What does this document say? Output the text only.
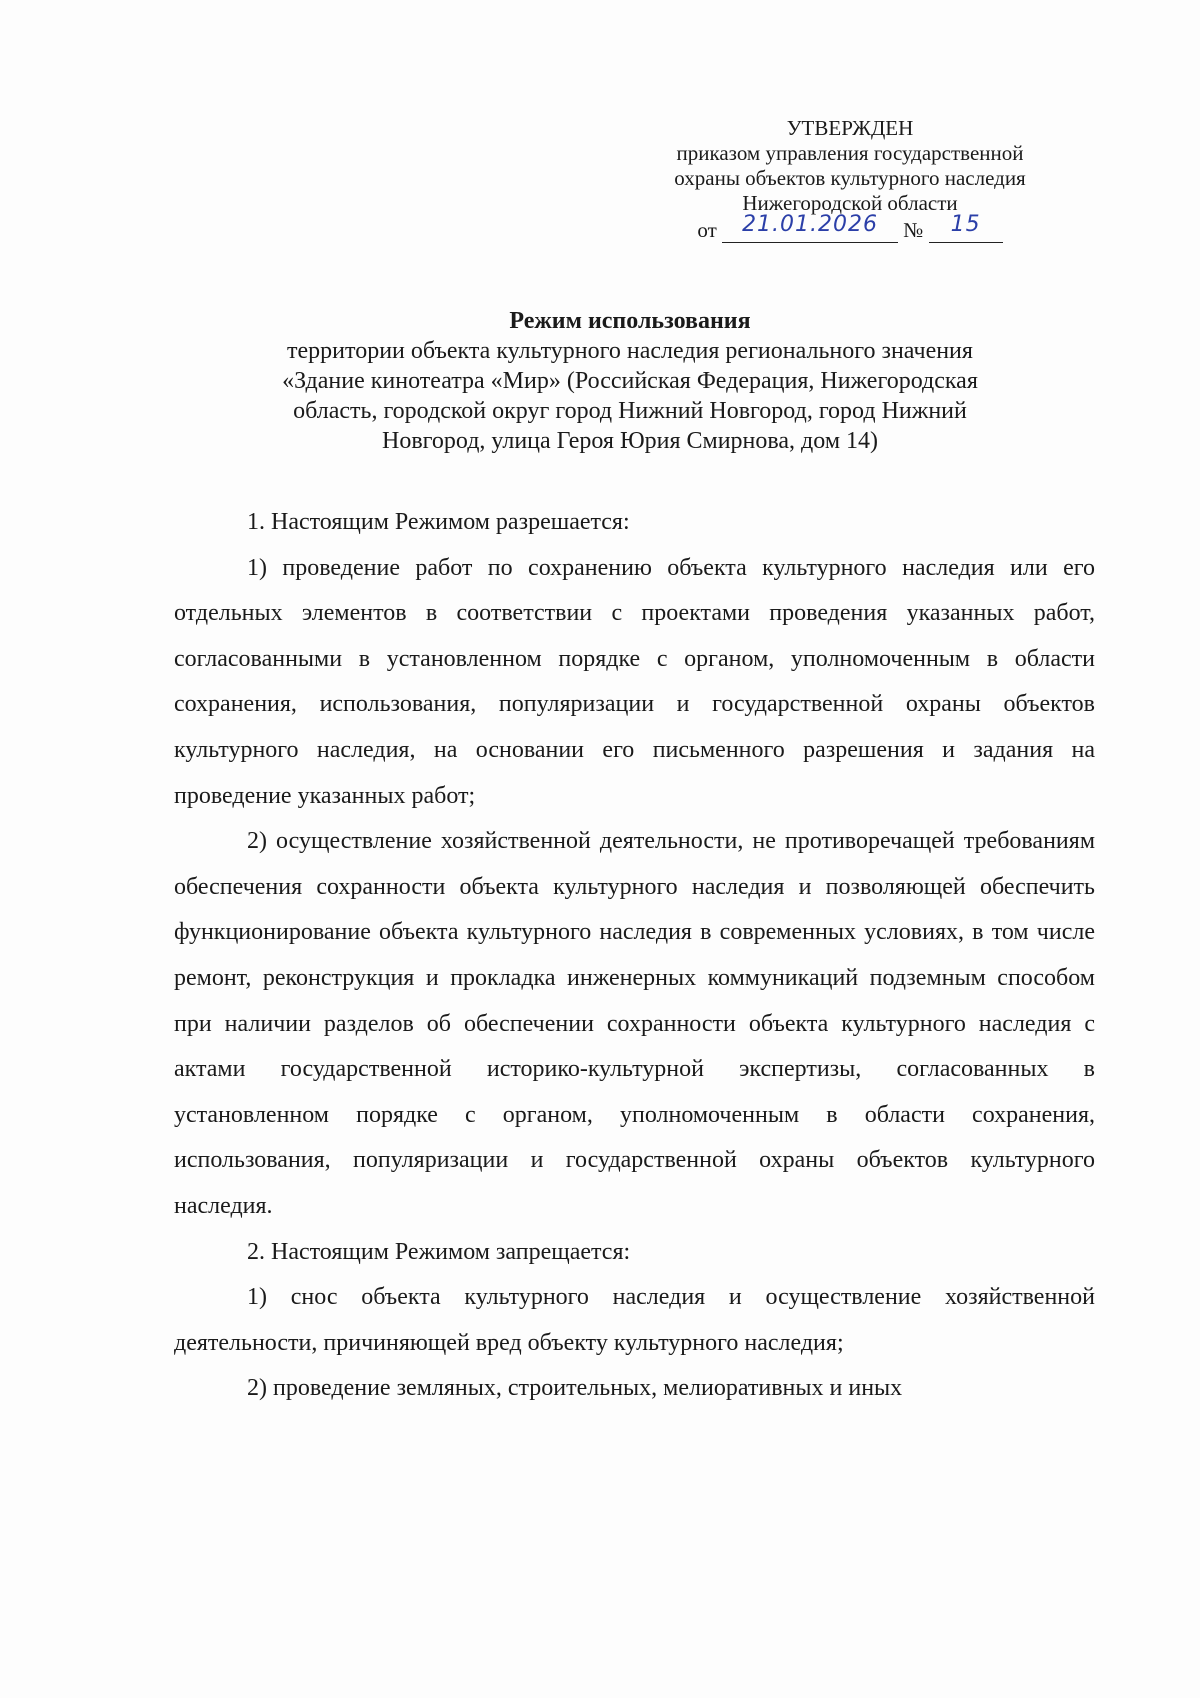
УТВЕРЖДЕН
приказом управления государственной
охраны объектов культурного наследия
Нижегородской области
от 21.01.2026 № 15
Режим использования
территории объекта культурного наследия регионального значения
«Здание кинотеатра «Мир» (Российская Федерация, Нижегородская
область, городской округ город Нижний Новгород, город Нижний
Новгород, улица Героя Юрия Смирнова, дом 14)

1. Настоящим Режимом разрешается:

1) проведение работ по сохранению объекта культурного наследия или его отдельных элементов в соответствии с проектами проведения указанных работ, согласованными в установленном порядке с органом, уполномоченным в области сохранения, использования, популяризации и государственной охраны объектов культурного наследия, на основании его письменного разрешения и задания на проведение указанных работ;

2) осуществление хозяйственной деятельности, не противоречащей требованиям обеспечения сохранности объекта культурного наследия и позволяющей обеспечить функционирование объекта культурного наследия в современных условиях, в том числе ремонт, реконструкция и прокладка инженерных коммуникаций подземным способом при наличии разделов об обеспечении сохранности объекта культурного наследия с актами государственной историко-культурной экспертизы, согласованных в установленном порядке с органом, уполномоченным в области сохранения, использования, популяризации и государственной охраны объектов культурного наследия.

2. Настоящим Режимом запрещается:

1) снос объекта культурного наследия и осуществление хозяйственной деятельности, причиняющей вред объекту культурного наследия;

2) проведение земляных, строительных, мелиоративных и иных
